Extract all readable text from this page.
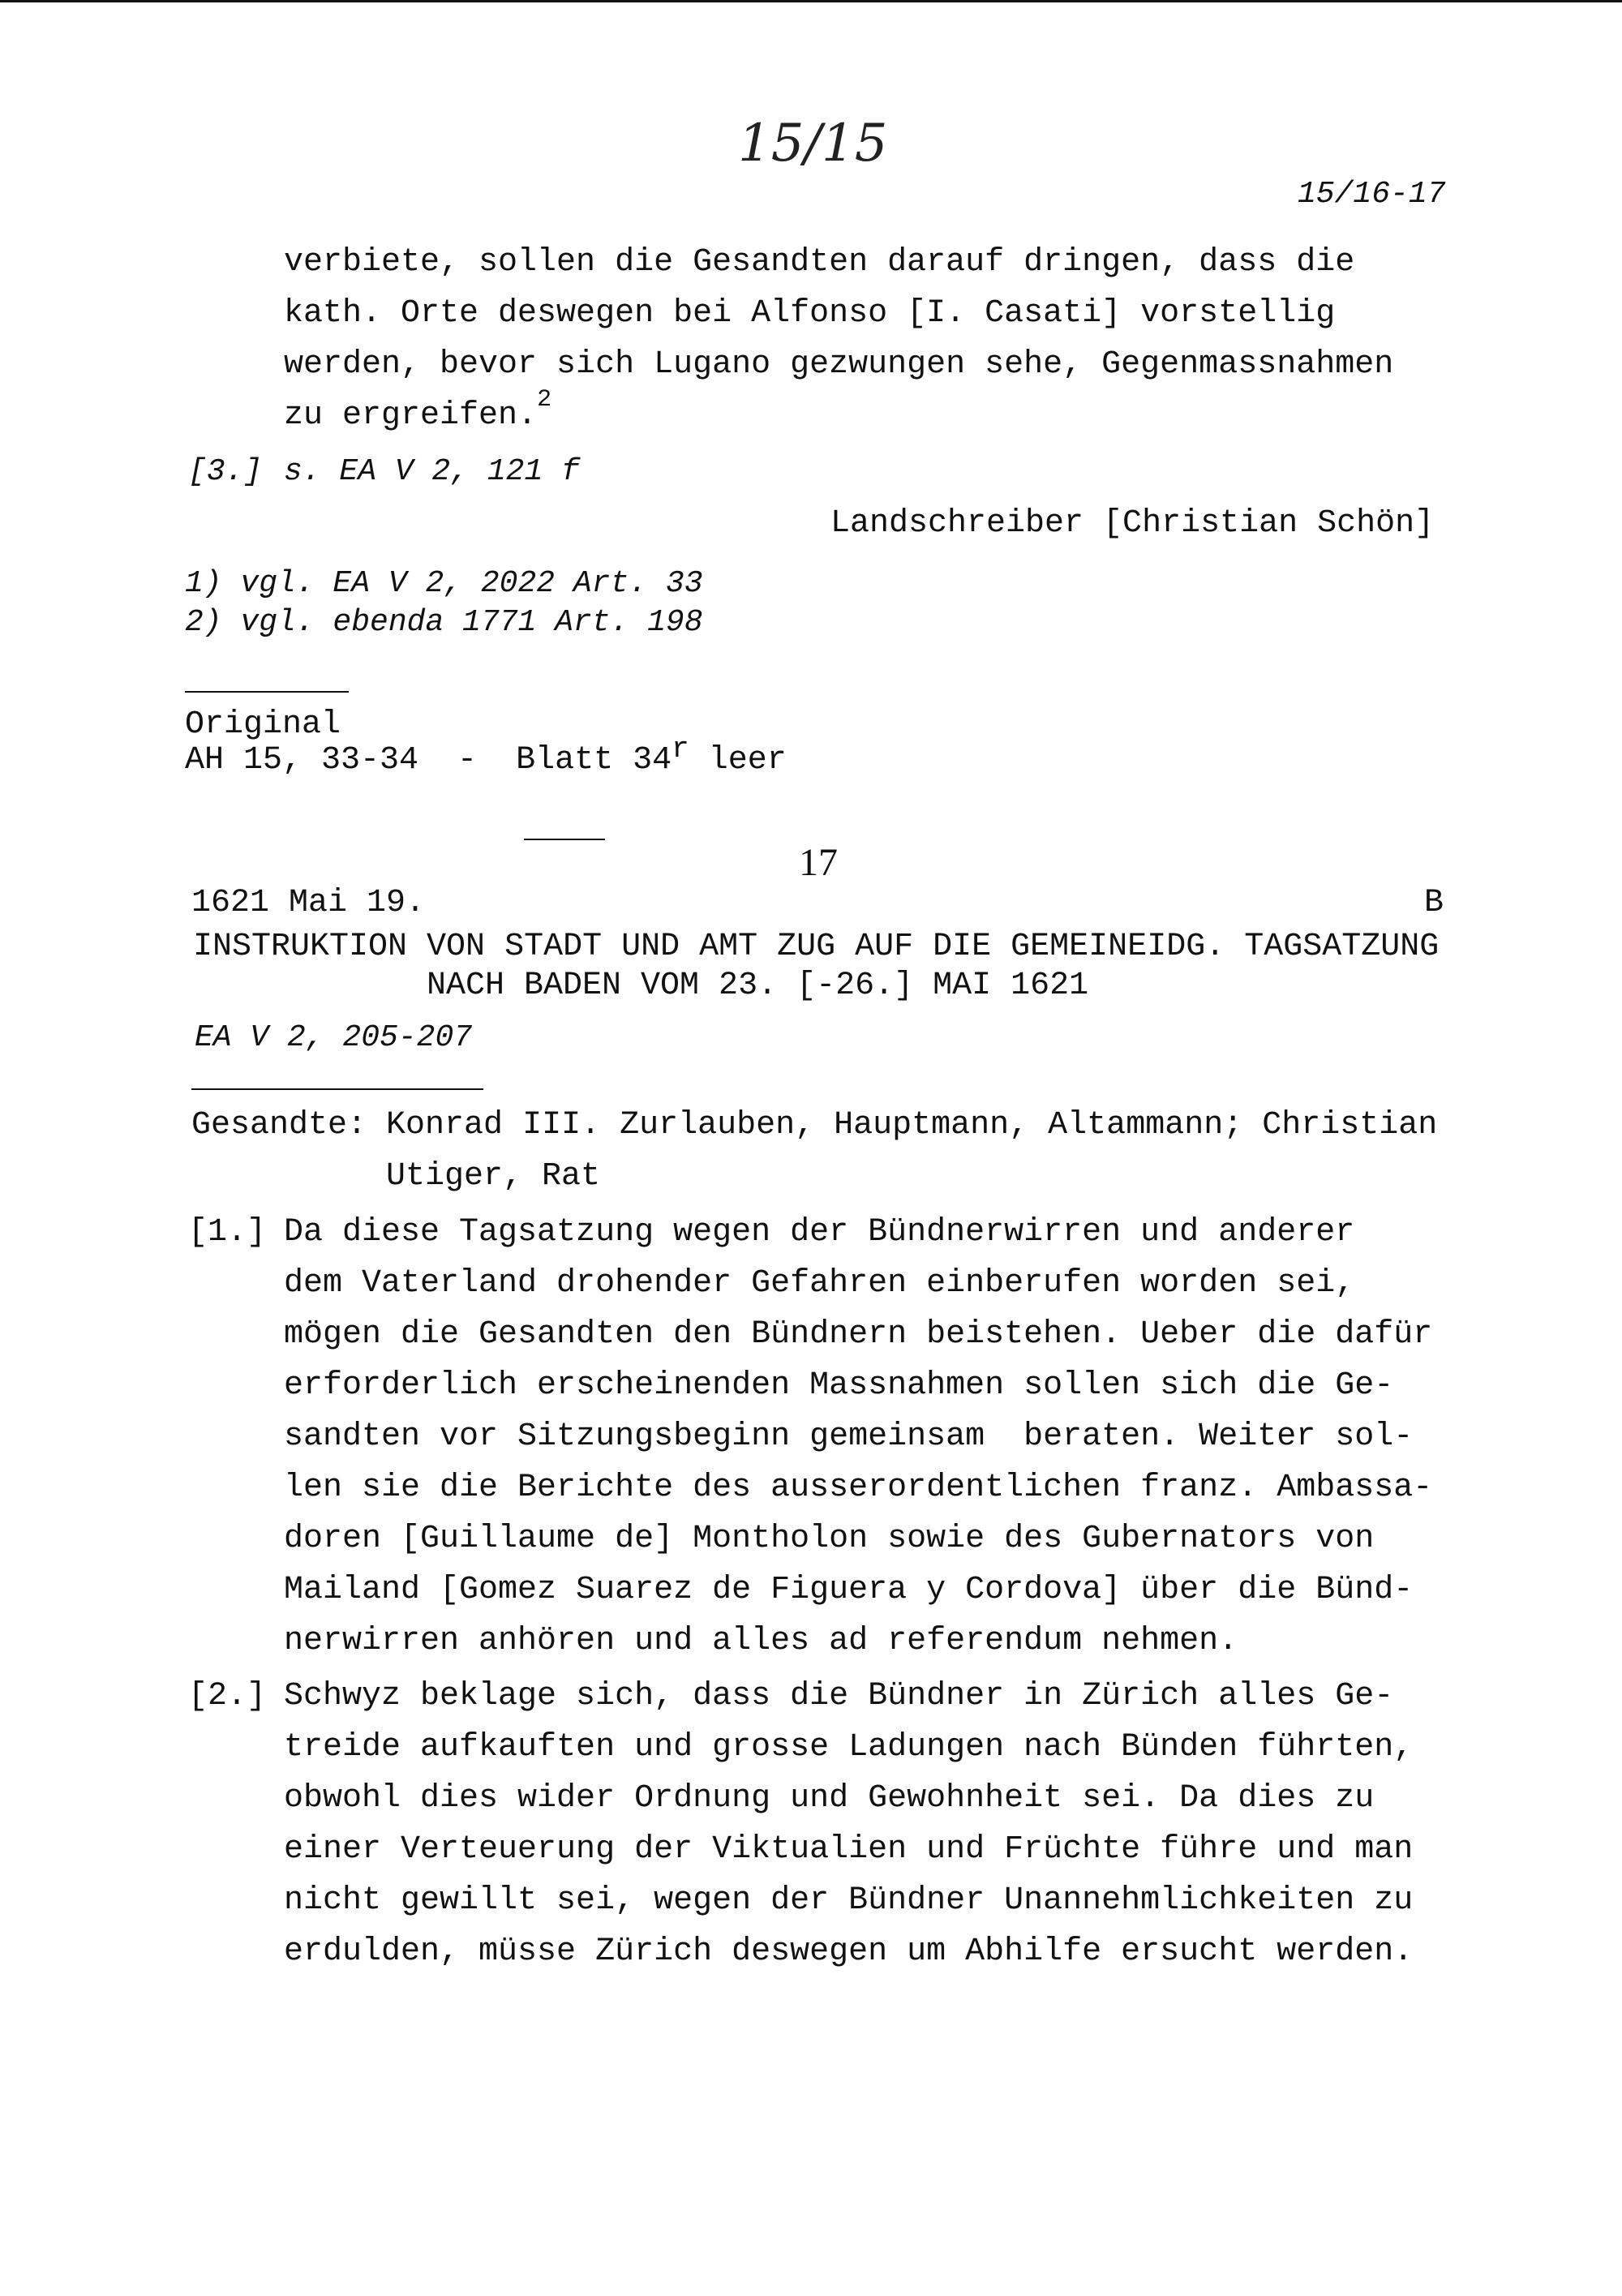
15/15
15/16-17
verbiete, sollen die Gesandten darauf dringen, dass die
kath. Orte deswegen bei Alfonso [I. Casati] vorstellig
werden, bevor sich Lugano gezwungen sehe, Gegenmassnahmen
zu ergreifen.$^2$
[3.] s. EA V 2, 121 f
Landschreiber [Christian Schön]
1) vgl. EA V 2, 2022 Art. 33
2) vgl. ebenda 1771 Art. 198
Original
AH 15, 33-34  -  Blatt 34$^r$ leer
17
1621 Mai 19.	B
INSTRUKTION VON STADT UND AMT ZUG AUF DIE GEMEINEIDG. TAGSATZUNG
NACH BADEN VOM 23. [-26.] MAI 1621
EA V 2, 205-207
Gesandte: Konrad III. Zurlauben, Hauptmann, Altammann; Christian
Utiger, Rat
[1.] Da diese Tagsatzung wegen der Bündnerwirren und anderer
dem Vaterland drohender Gefahren einberufen worden sei,
mögen die Gesandten den Bündnern beistehen. Ueber die dafür
erforderlich erscheinenden Massnahmen sollen sich die Ge-
sandten vor Sitzungsbeginn gemeinsam  beraten. Weiter sol-
len sie die Berichte des ausserordentlichen franz. Ambassa-
doren [Guillaume de] Montholon sowie des Gubernators von
Mailand [Gomez Suarez de Figuera y Cordova] über die Bünd-
nerwirren anhören und alles ad referendum nehmen.
[2.] Schwyz beklage sich, dass die Bündner in Zürich alles Ge-
treide aufkauften und grosse Ladungen nach Bünden führten,
obwohl dies wider Ordnung und Gewohnheit sei. Da dies zu
einer Verteuerung der Viktualien und Früchte führe und man
nicht gewillt sei, wegen der Bündner Unannehmlichkeiten zu
erdulden, müsse Zürich deswegen um Abhilfe ersucht werden.
